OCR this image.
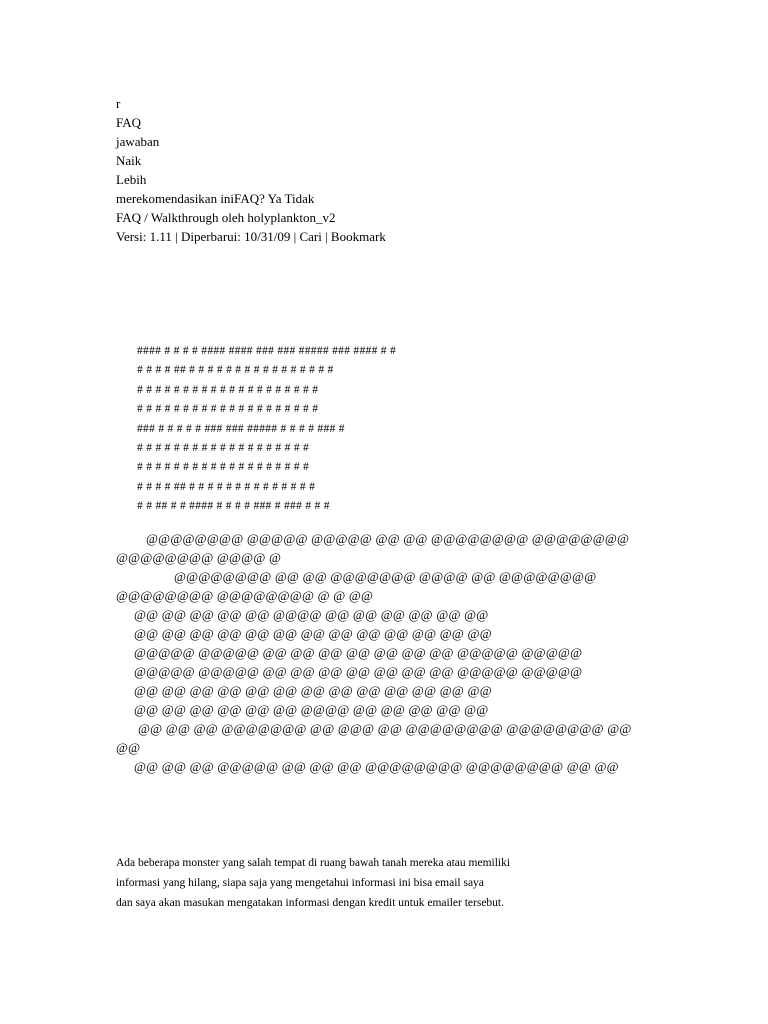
r
FAQ
jawaban
Naik
Lebih
merekomendasikan iniFAQ? Ya Tidak
FAQ / Walkthrough oleh holyplankton_v2
Versi: 1.11 | Diperbarui: 10/31/09 | Cari | Bookmark
#### # # # # #### #### ### ### ##### ### #### # #
# # # # ## # # # # # # # # # # # # # # # #
# # # # # # # # # # # # # # # # # # # #
# # # # # # # # # # # # # # # # # # # #
### # # # # # ### ### ##### # # # # ### #
# # # # # # # # # # # # # # # # # # #
# # # # # # # # # # # # # # # # # # #
# # # # ## # # # # # # # # # # # # # #
# # ## # # #### # # # # ### # ### # # #
@@@@@@@@ @@@@@ @@@@@ @@ @@ @@@@@@@@ @@@@@@@@
@@@@@@@@ @@@@ @
@@@@@@@@ @@ @@ @@@@@@@ @@@@ @@ @@@@@@@@
@@@@@@@@ @@@@@@@@ @ @ @@
@@ @@ @@ @@ @@ @@@@ @@ @@ @@ @@ @@ @@
@@ @@ @@ @@ @@ @@ @@ @@ @@ @@ @@ @@ @@
@@@@@ @@@@@ @@ @@ @@ @@ @@ @@ @@ @@@@@ @@@@@
@@@@@ @@@@@ @@ @@ @@ @@ @@ @@ @@ @@@@@ @@@@@
@@ @@ @@ @@ @@ @@ @@ @@ @@ @@ @@ @@ @@
@@ @@ @@ @@ @@ @@ @@@@ @@ @@ @@ @@ @@
@@ @@ @@ @@@@@@@ @@ @@@ @@ @@@@@@@@ @@@@@@@@ @@
@@
@@ @@ @@ @@@@@ @@ @@ @@ @@@@@@@@ @@@@@@@@ @@ @@
Ada beberapa monster yang salah tempat di ruang bawah tanah mereka atau memiliki
informasi yang hilang, siapa saja yang mengetahui informasi ini bisa email saya
dan saya akan masukan mengatakan informasi dengan kredit untuk emailer tersebut.
